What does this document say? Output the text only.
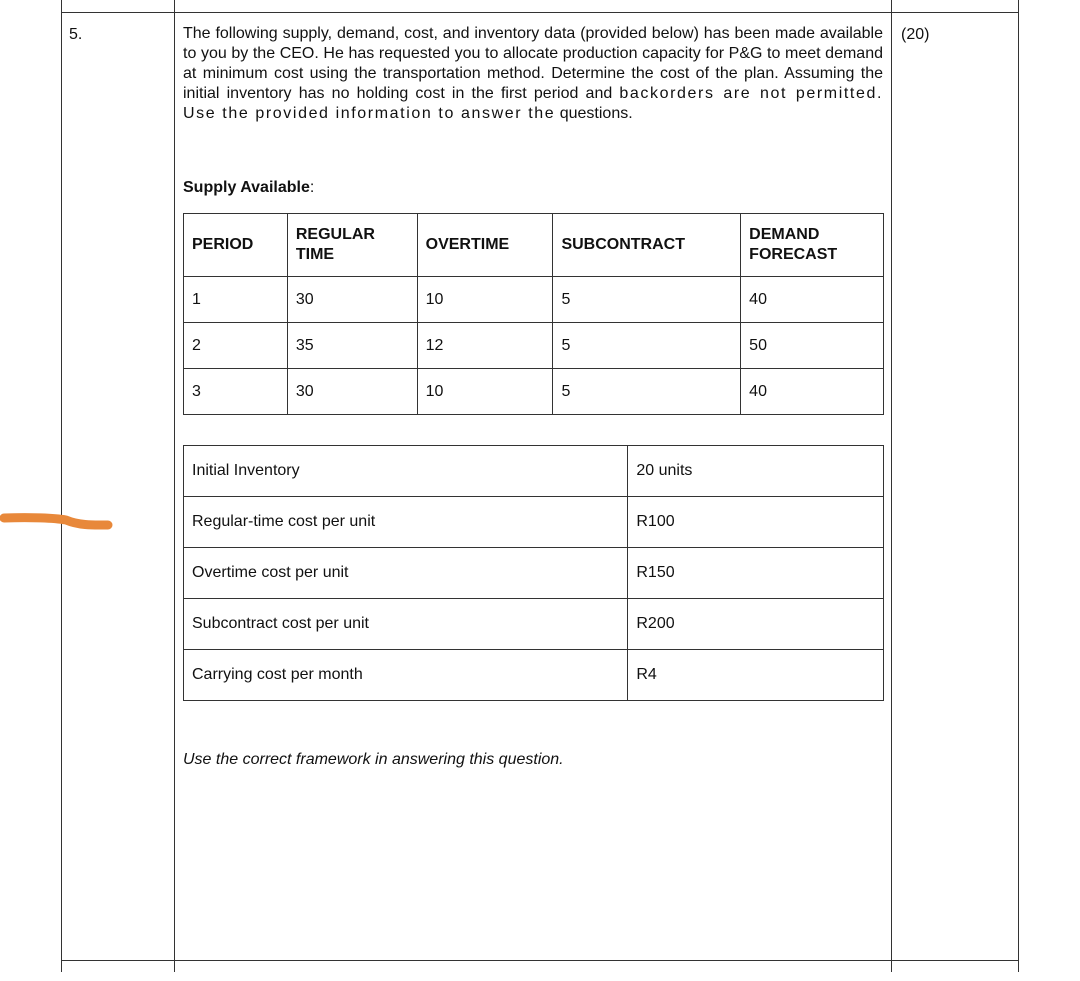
5.	(20)
The following supply, demand, cost, and inventory data (provided below) has been made available to you by the CEO. He has requested you to allocate production capacity for P&G to meet demand at minimum cost using the transportation method. Determine the cost of the plan. Assuming the initial inventory has no holding cost in the first period and backorders are not permitted. Use the provided information to answer the questions.
Supply Available:
PERIOD	REGULAR TIME	OVERTIME	SUBCONTRACT	DEMAND FORECAST
1	30	10	5	40
2	35	12	5	50
3	30	10	5	40
Initial Inventory	20 units
Regular-time cost per unit	R100
Overtime cost per unit	R150
Subcontract cost per unit	R200
Carrying cost per month	R4
Use the correct framework in answering this question.
